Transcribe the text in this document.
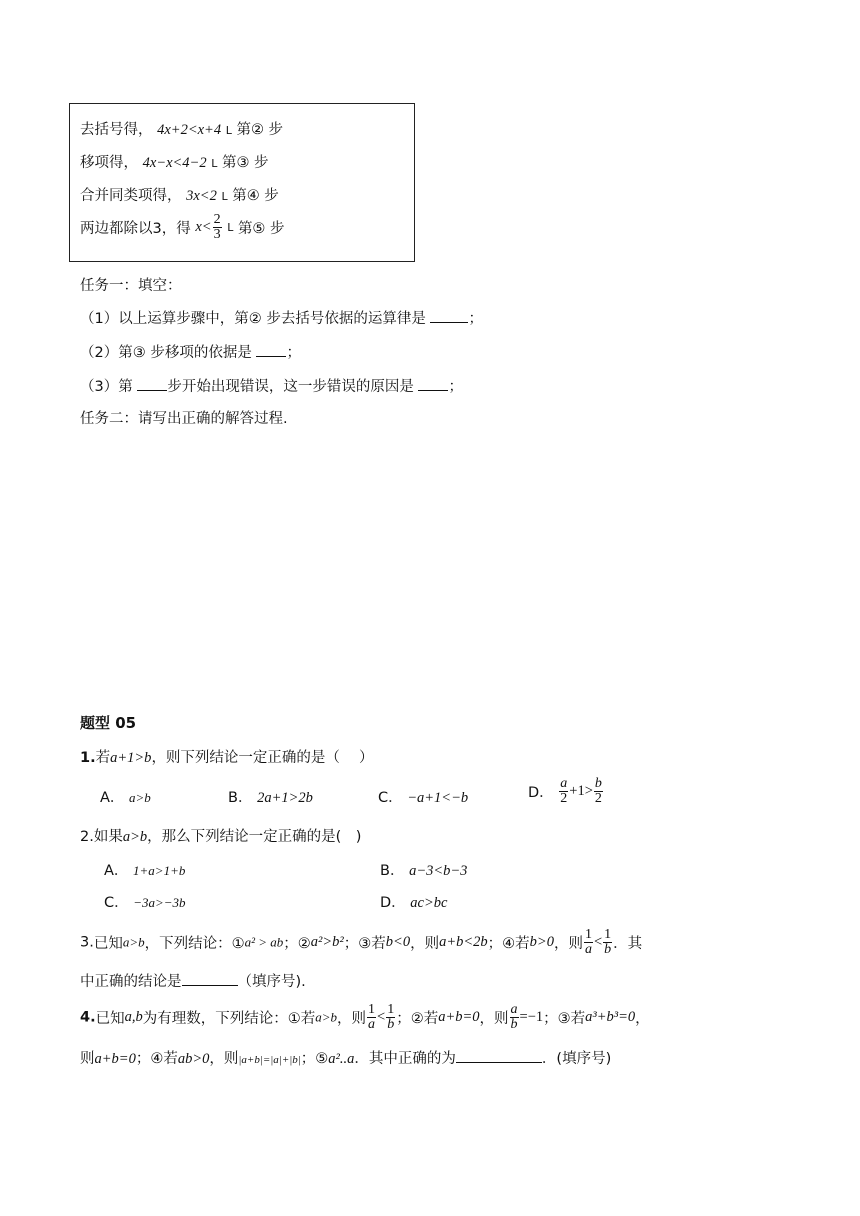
去括号得， 4x+2<x+4 L 第② 步
移项得， 4x−x<4−2 L 第③ 步
合并同类项得， 3x<2 L 第④ 步
两边都除以3，得 $x< \frac{2}{3}$ L 第⑤ 步
任务一：填空：
（1）以上运算步骤中，第② 步去括号依据的运算律是	；
（2）第③ 步移项的依据是 ；
（3）第 步开始出现错误，这一步错误的原因是 ；
任务二：请写出正确的解答过程.
题型 05
1.若a+1>b，则下列结论一定正确的是（　 ）
A． a>b	B． 2a+1>2b	C． −a+1<−b	D． $\frac{a}{2} +1> \frac{b}{2}$
2.如果a>b，那么下列结论一定正确的是(　)
A． 1+a>1+b	B． a−3<b−3
C． −3a>−3b	D． ac>bc
3.已知a>b，下列结论：①a² > ab；②a²>b²；③若b<0，则a+b<2b；④若b>0，则 $\frac{1}{a} < \frac{1}{b}$ ．其
中正确的结论是	（填序号).
4.已知a,b为有理数，下列结论：①若a>b，则 $\frac{1}{a} < \frac{1}{b}$ ；②若a+b=0，则 $\frac{a}{b} =-1$；③若a³+b³=0，
则a+b=0；④若ab>0，则|a+b|=|a|+|b|；⑤a²..a．其中正确的为	．(填序号)
